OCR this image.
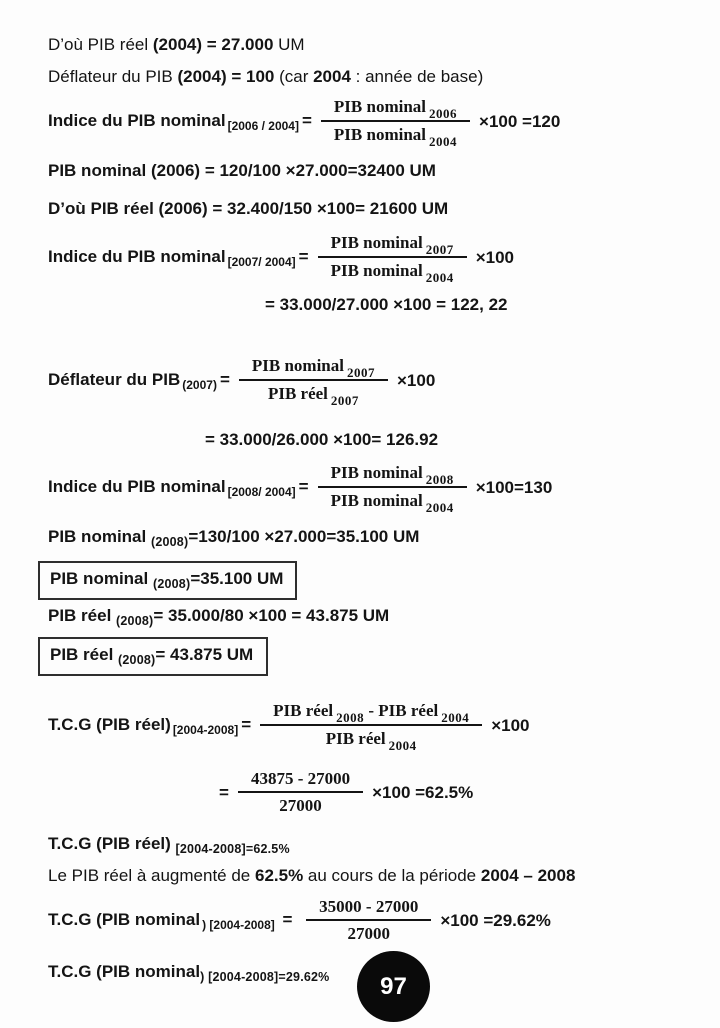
D’où PIB réel (2004) = 27.000 UM

Déflateur du PIB (2004) = 100 (car 2004 : année de base)

Indice du PIB nominal $_{[2006 / 2004]} = \frac{PIB nominal _{2006}}{PIB nominal _{2004}} \times 100 =120$

PIB nominal (2006) = 120/100 ×27.000=32400 UM

D’où PIB réel (2006) = 32.400/150 ×100= 21600 UM

Indice du PIB nominal $_{[2007/ 2004]} = \frac{PIB nominal _{2007}}{PIB nominal _{2004}} \times 100$

= 33.000/27.000 ×100 = 122, 22

Déflateur du PIB $_{(2007)} = \frac{PIB nominal _{2007}}{PIB réel _{2007}} \times 100$

= 33.000/26.000 ×100= 126.92

Indice du PIB nominal $_{[2008/ 2004]} = \frac{PIB nominal _{2008}}{PIB nominal _{2004}} \times 100=130$

PIB nominal $_{(2008)}$=130/100 ×27.000=35.100 UM

PIB nominal $_{(2008)}$=35.100 UM

PIB réel $_{(2008)}$= 35.000/80 ×100 = 43.875 UM

PIB réel $_{(2008)}$= 43.875 UM
T.C.G (PIB réel) $_{[2004-2008]} = \frac{PIB réel _{2008} - PIB réel _{2004}}{PIB réel _{2004}} \times 100$
= $\frac{43875 - 27000}{27000} \times 100 =62.5\%$

T.C.G (PIB réel) $_{[2004-2008]=62.5\%}$

Le PIB réel à augmenté de 62.5% au cours de la période 2004 – 2008

T.C.G (PIB nominal $_{) [2004-2008]} = \frac{35000 - 27000}{27000} \times 100 =29.62\%$

T.C.G (PIB nominal$_{) [2004-2008]=29.62\%}$	97
